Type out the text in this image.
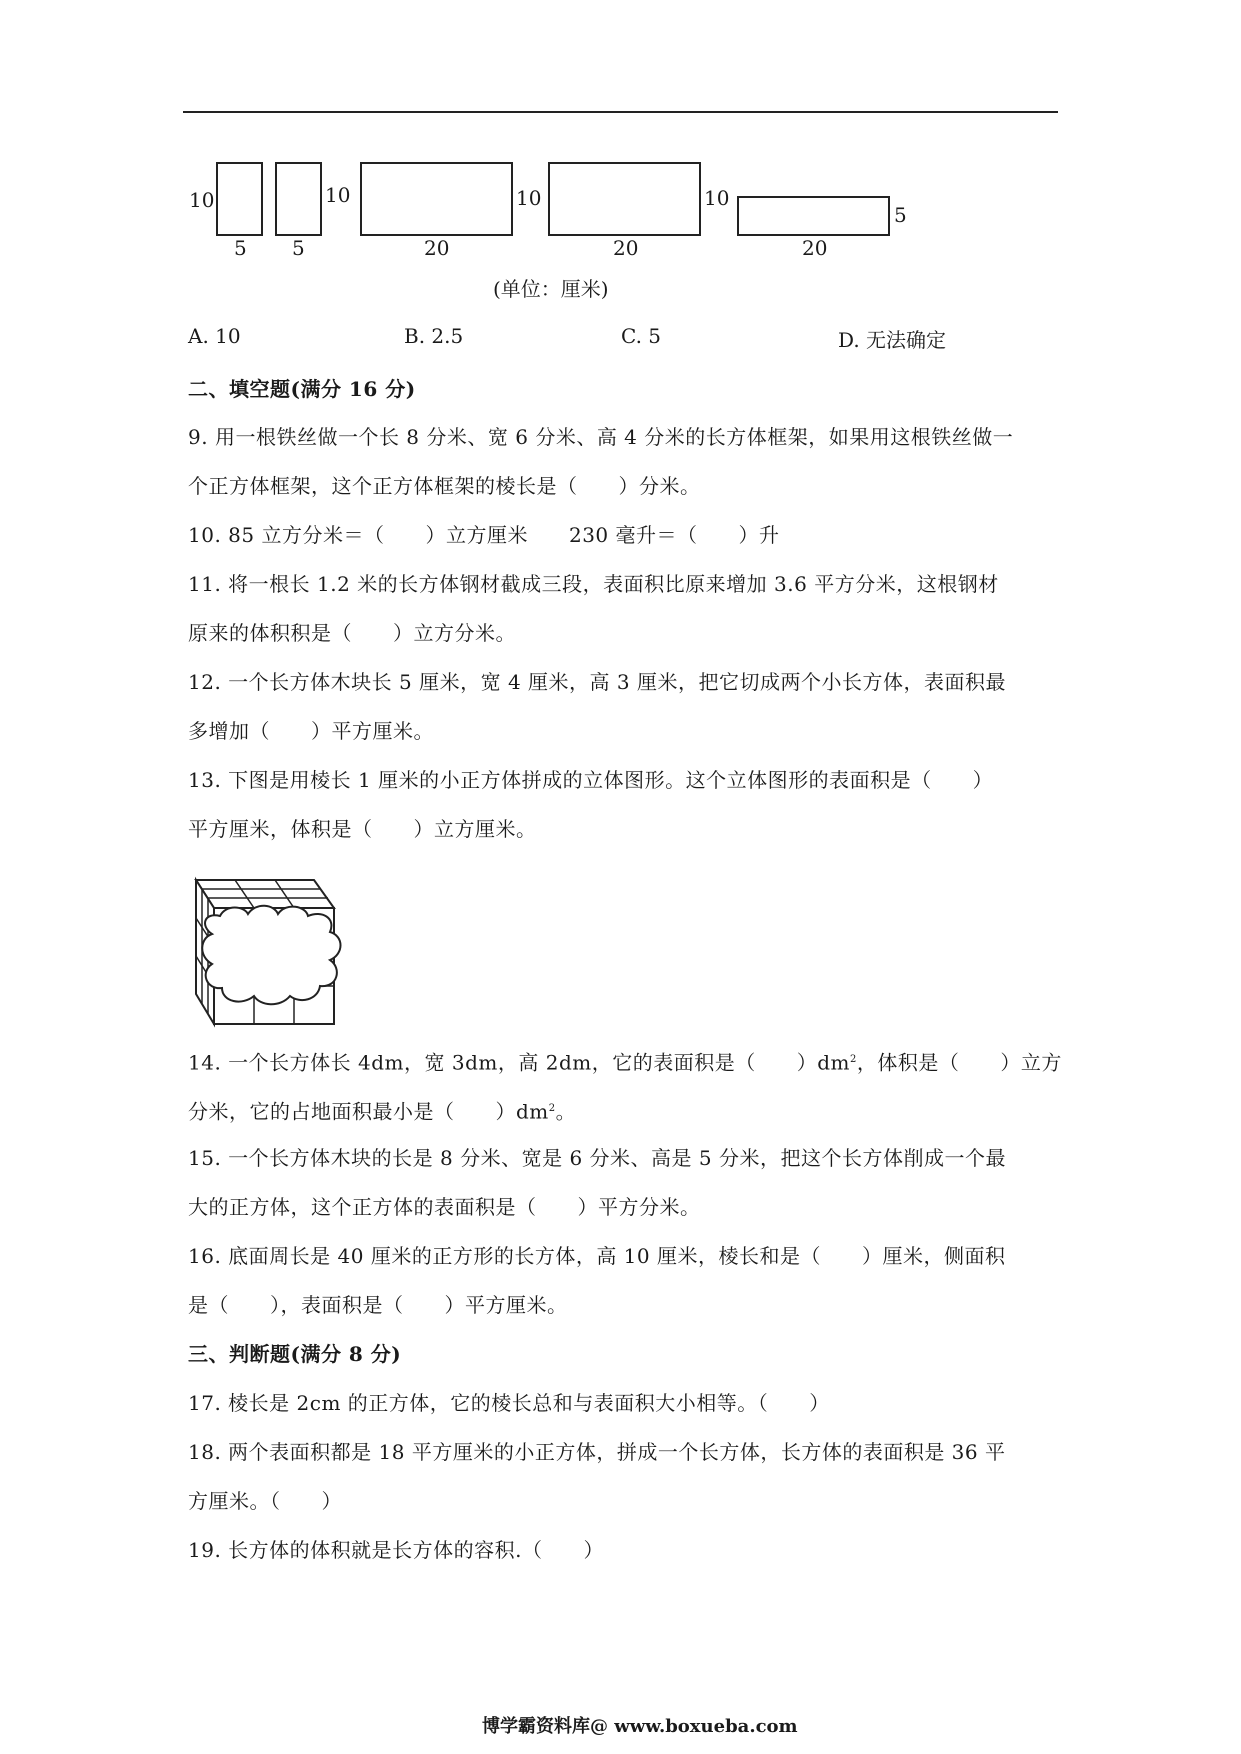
10
5
10
5
10
20
10
20
5
20
(单位：厘米)
A. 10	B. 2.5	C. 5	D. 无法确定
二、填空题(满分 16 分)
9. 用一根铁丝做一个长 8 分米、宽 6 分米、高 4 分米的长方体框架，如果用这根铁丝做一
个正方体框架，这个正方体框架的棱长是（　　）分米。
10. 85 立方分米＝（　　）立方厘米　　230 毫升＝（　　）升
11. 将一根长 1.2 米的长方体钢材截成三段，表面积比原来增加 3.6 平方分米，这根钢材
原来的体积积是（　　）立方分米。
12. 一个长方体木块长 5 厘米，宽 4 厘米，高 3 厘米，把它切成两个小长方体，表面积最
多增加（　　）平方厘米。
13. 下图是用棱长 1 厘米的小正方体拼成的立体图形。这个立体图形的表面积是（　　）
平方厘米，体积是（　　）立方厘米。
14. 一个长方体长 4dm，宽 3dm，高 2dm，它的表面积是（　　）$dm^2$，体积是（　　）立方
分米，它的占地面积最小是（　　）$dm^2$。
15. 一个长方体木块的长是 8 分米、宽是 6 分米、高是 5 分米，把这个长方体削成一个最
大的正方体，这个正方体的表面积是（　　）平方分米。
16. 底面周长是 40 厘米的正方形的长方体，高 10 厘米，棱长和是（　　）厘米，侧面积
是（　　），表面积是（　　）平方厘米。
三、判断题(满分 8 分)
17. 棱长是 2cm 的正方体，它的棱长总和与表面积大小相等。（　　）
18. 两个表面积都是 18 平方厘米的小正方体，拼成一个长方体，长方体的表面积是 36 平
方厘米。（　　）
19. 长方体的体积就是长方体的容积.（　　）
博学霸资料库@ www.boxueba.com
